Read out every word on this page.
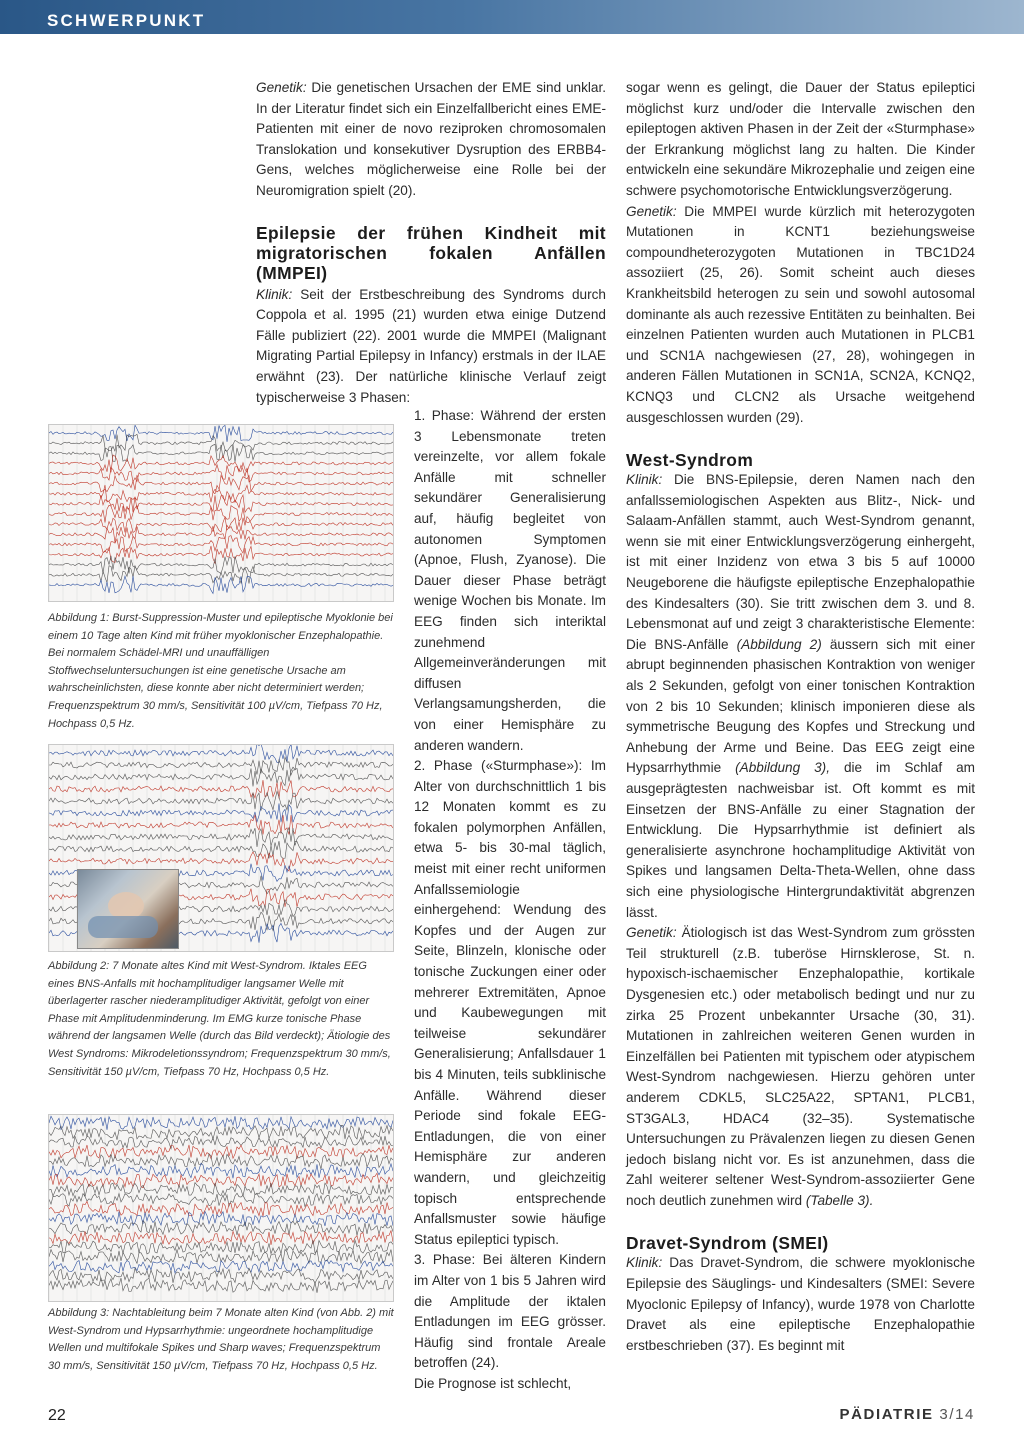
SCHWERPUNKT

Genetik: Die genetischen Ursachen der EME sind unklar. In der Literatur findet sich ein Einzelfallbericht eines EME-Patienten mit einer de novo reziproken chromosomalen Translokation und konsekutiver Dysruption des ERBB4-Gens, welches möglicherweise eine Rolle bei der Neuromigration spielt (20).

Epilepsie der frühen Kindheit mit migratorischen fokalen Anfällen (MMPEI)

Klinik: Seit der Erstbeschreibung des Syndroms durch Coppola et al. 1995 (21) wurden etwa einige Dutzend Fälle publiziert (22). 2001 wurde die MMPEI (Malignant Migrating Partial Epilepsy in Infancy) erstmals in der ILAE erwähnt (23). Der natürliche klinische Verlauf zeigt typischerweise 3 Phasen:

1. Phase: Während der ersten 3 Lebensmonate treten vereinzelte, vor allem fokale Anfälle mit schneller sekundärer Generalisierung auf, häufig begleitet von autonomen Symptomen (Apnoe, Flush, Zyanose). Die Dauer dieser Phase beträgt wenige Wochen bis Monate. Im EEG finden sich interiktal zunehmend Allgemeinveränderungen mit diffusen Verlangsamungsherden, die von einer Hemisphäre zu anderen wandern.

2. Phase («Sturmphase»): Im Alter von durchschnittlich 1 bis 12 Monaten kommt es zu fokalen polymorphen Anfällen, etwa 5- bis 30-mal täglich, meist mit einer recht uniformen Anfallssemiologie einhergehend: Wendung des Kopfes und der Augen zur Seite, Blinzeln, klonische oder tonische Zuckungen einer oder mehrerer Extremitäten, Apnoe und Kaubewegungen mit teilweise sekundärer Generalisierung; Anfallsdauer 1 bis 4 Minuten, teils subklinische Anfälle. Während dieser Periode sind fokale EEG-Entladungen, die von einer Hemisphäre zur anderen wandern, und gleichzeitig topisch entsprechende Anfallsmuster sowie häufige Status epileptici typisch.

3. Phase: Bei älteren Kindern im Alter von 1 bis 5 Jahren wird die Amplitude der iktalen Entladungen im EEG grösser. Häufig sind frontale Areale betroffen (24).

Die Prognose ist schlecht,

sogar wenn es gelingt, die Dauer der Status epileptici möglichst kurz und/oder die Intervalle zwischen den epileptogen aktiven Phasen in der Zeit der «Sturmphase» der Erkrankung möglichst lang zu halten. Die Kinder entwickeln eine sekundäre Mikrozephalie und zeigen eine schwere psychomotorische Entwicklungsverzögerung.

Genetik: Die MMPEI wurde kürzlich mit heterozygoten Mutationen in KCNT1 beziehungsweise compoundheterozygoten Mutationen in TBC1D24 assoziiert (25, 26). Somit scheint auch dieses Krankheitsbild heterogen zu sein und sowohl autosomal dominante als auch rezessive Entitäten zu beinhalten. Bei einzelnen Patienten wurden auch Mutationen in PLCB1 und SCN1A nachgewiesen (27, 28), wohingegen in anderen Fällen Mutationen in SCN1A, SCN2A, KCNQ2, KCNQ3 und CLCN2 als Ursache weitgehend ausgeschlossen wurden (29).

West-Syndrom

Klinik: Die BNS-Epilepsie, deren Namen nach den anfallssemiologischen Aspekten aus Blitz-, Nick- und Salaam-Anfällen stammt, auch West-Syndrom genannt, wenn sie mit einer Entwicklungsverzögerung einhergeht, ist mit einer Inzidenz von etwa 3 bis 5 auf 10000 Neugeborene die häufigste epileptische Enzephalopathie des Kindesalters (30). Sie tritt zwischen dem 3. und 8. Lebensmonat auf und zeigt 3 charakteristische Elemente: Die BNS-Anfälle (Abbildung 2) äussern sich mit einer abrupt beginnenden phasischen Kontraktion von weniger als 2 Sekunden, gefolgt von einer tonischen Kontraktion von 2 bis 10 Sekunden; klinisch imponieren diese als symmetrische Beugung des Kopfes und Streckung und Anhebung der Arme und Beine. Das EEG zeigt eine Hypsarrhythmie (Abbildung 3), die im Schlaf am ausgeprägtesten nachweisbar ist. Oft kommt es mit Einsetzen der BNS-Anfälle zu einer Stagnation der Entwicklung. Die Hypsarrhythmie ist definiert als generalisierte asynchrone hochamplitudige Aktivität von Spikes und langsamen Delta-Theta-Wellen, ohne dass sich eine physiologische Hintergrundaktivität abgrenzen lässt.

Genetik: Ätiologisch ist das West-Syndrom zum grössten Teil strukturell (z.B. tuberöse Hirnsklerose, St. n. hypoxisch-ischaemischer Enzephalopathie, kortikale Dysgenesien etc.) oder metabolisch bedingt und nur zu zirka 25 Prozent unbekannter Ursache (30, 31). Mutationen in zahlreichen weiteren Genen wurden in Einzelfällen bei Patienten mit typischem oder atypischem West-Syndrom nachgewiesen. Hierzu gehören unter anderem CDKL5, SLC25A22, SPTAN1, PLCB1, ST3GAL3, HDAC4 (32–35). Systematische Untersuchungen zu Prävalenzen liegen zu diesen Genen jedoch bislang nicht vor. Es ist anzunehmen, dass die Zahl weiterer seltener West-Syndrom-assoziierter Gene noch deutlich zunehmen wird (Tabelle 3).

Dravet-Syndrom (SMEI)

Klinik: Das Dravet-Syndrom, die schwere myoklonische Epilepsie des Säuglings- und Kindesalters (SMEI: Severe Myoclonic Epilepsy of Infancy), wurde 1978 von Charlotte Dravet als eine epileptische Enzephalopathie erstbeschrieben (37). Es beginnt mit

Abbildung 1: Burst-Suppression-Muster und epileptische Myoklonie bei einem 10 Tage alten Kind mit früher myoklonischer Enzephalopathie. Bei normalem Schädel-MRI und unauffälligen Stoffwechseluntersuchungen ist eine genetische Ursache am wahrscheinlichsten, diese konnte aber nicht determiniert werden; Frequenzspektrum 30 mm/s, Sensitivität 100 µV/cm, Tiefpass 70 Hz, Hochpass 0,5 Hz.
Abbildung 2: 7 Monate altes Kind mit West-Syndrom. Iktales EEG eines BNS-Anfalls mit hochamplitudiger langsamer Welle mit überlagerter rascher niederamplitudiger Aktivität, gefolgt von einer Phase mit Amplitudenminderung. Im EMG kurze tonische Phase während der langsamen Welle (durch das Bild verdeckt); Ätiologie des West Syndroms: Mikrodeletionssyndrom; Frequenzspektrum 30 mm/s, Sensitivität 150 µV/cm, Tiefpass 70 Hz, Hochpass 0,5 Hz.
Abbildung 3: Nachtableitung beim 7 Monate alten Kind (von Abb. 2) mit West-Syndrom und Hypsarrhythmie: ungeordnete hochamplitudige Wellen und multifokale Spikes und Sharp waves; Frequenzspektrum 30 mm/s, Sensitivität 150 µV/cm, Tiefpass 70 Hz, Hochpass 0,5 Hz.
22	PÄDIATRIE 3/14
